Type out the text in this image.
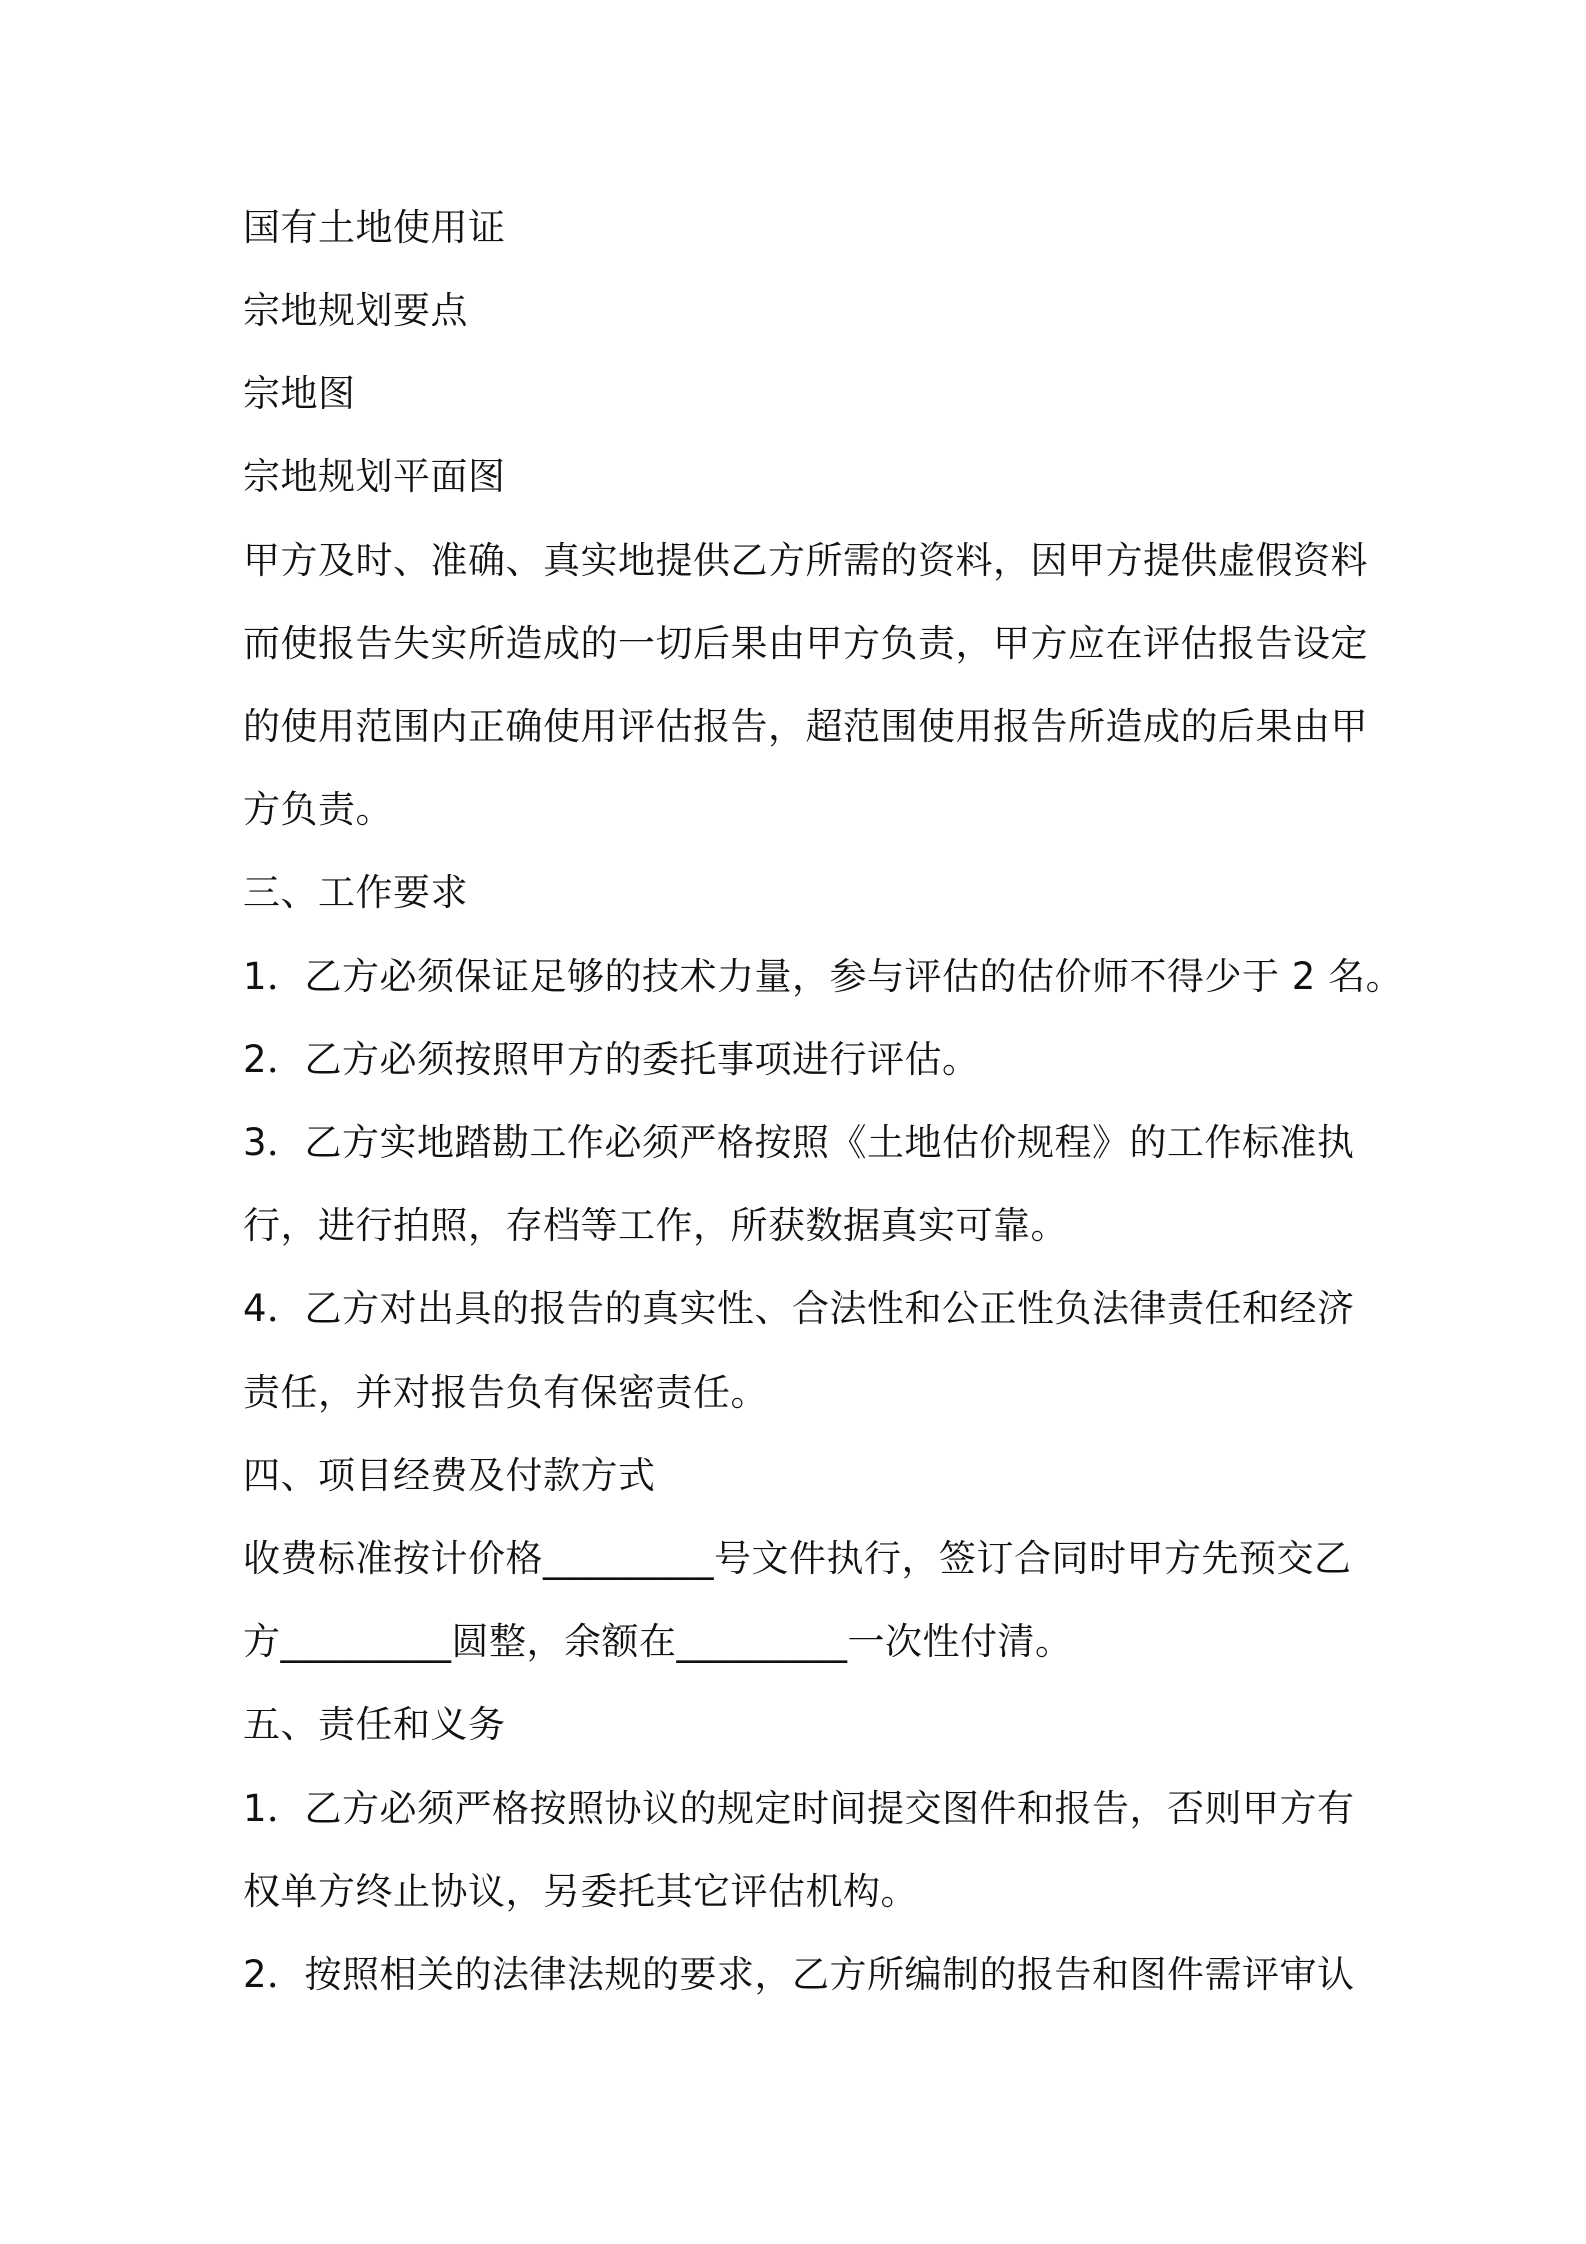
国有土地使用证
宗地规划要点
宗地图
宗地规划平面图
甲方及时、准确、真实地提供乙方所需的资料，因甲方提供虚假资料
而使报告失实所造成的一切后果由甲方负责，甲方应在评估报告设定
的使用范围内正确使用评估报告，超范围使用报告所造成的后果由甲
方负责。
三、工作要求
1．乙方必须保证足够的技术力量，参与评估的估价师不得少于 2 名。
2．乙方必须按照甲方的委托事项进行评估。
3．乙方实地踏勘工作必须严格按照《土地估价规程》的工作标准执
行，进行拍照，存档等工作，所获数据真实可靠。
4．乙方对出具的报告的真实性、合法性和公正性负法律责任和经济
责任，并对报告负有保密责任。
四、项目经费及付款方式
收费标准按计价格_________号文件执行，签订合同时甲方先预交乙
方_________圆整，余额在_________一次性付清。
五、责任和义务
1．乙方必须严格按照协议的规定时间提交图件和报告，否则甲方有
权单方终止协议，另委托其它评估机构。
2．按照相关的法律法规的要求，乙方所编制的报告和图件需评审认
